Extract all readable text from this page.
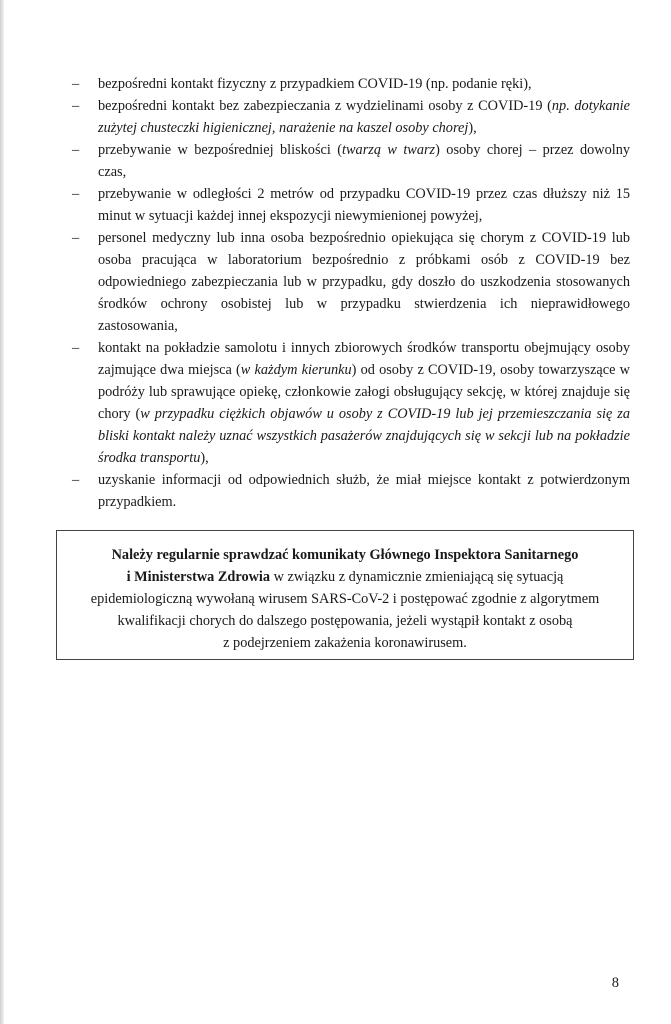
–	bezpośredni kontakt fizyczny z przypadkiem COVID-19 (np. podanie ręki),
–	bezpośredni kontakt bez zabezpieczania z wydzielinami osoby z COVID-19 (np. dotykanie zużytej chusteczki higienicznej, narażenie na kaszel osoby chorej),
–	przebywanie w bezpośredniej bliskości (twarzą w twarz) osoby chorej – przez dowolny czas,
–	przebywanie w odległości 2 metrów od przypadku COVID-19 przez czas dłuższy niż 15 minut w sytuacji każdej innej ekspozycji niewymienionej powyżej,
–	personel medyczny lub inna osoba bezpośrednio opiekująca się chorym z COVID-19 lub osoba pracująca w laboratorium bezpośrednio z próbkami osób z COVID-19 bez odpowiedniego zabezpieczania lub w przypadku, gdy doszło do uszkodzenia stosowanych środków ochrony osobistej lub w przypadku stwierdzenia ich nieprawidłowego zastosowania,
–	kontakt na pokładzie samolotu i innych zbiorowych środków transportu obejmujący osoby zajmujące dwa miejsca (w każdym kierunku) od osoby z COVID-19, osoby towarzyszące w podróży lub sprawujące opiekę, członkowie załogi obsługujący sekcję, w której znajduje się chory (w przypadku ciężkich objawów u osoby z COVID-19 lub jej przemieszczania się za bliski kontakt należy uznać wszystkich pasażerów znajdujących się w sekcji lub na pokładzie środka transportu),
–	uzyskanie informacji od odpowiednich służb, że miał miejsce kontakt z potwierdzonym przypadkiem.
Należy regularnie sprawdzać komunikaty Głównego Inspektora Sanitarnego
i Ministerstwa Zdrowia w związku z dynamicznie zmieniającą się sytuacją
epidemiologiczną wywołaną wirusem SARS-CoV-2 i postępować zgodnie z algorytmem
kwalifikacji chorych do dalszego postępowania, jeżeli wystąpił kontakt z osobą
z podejrzeniem zakażenia koronawirusem.
8
